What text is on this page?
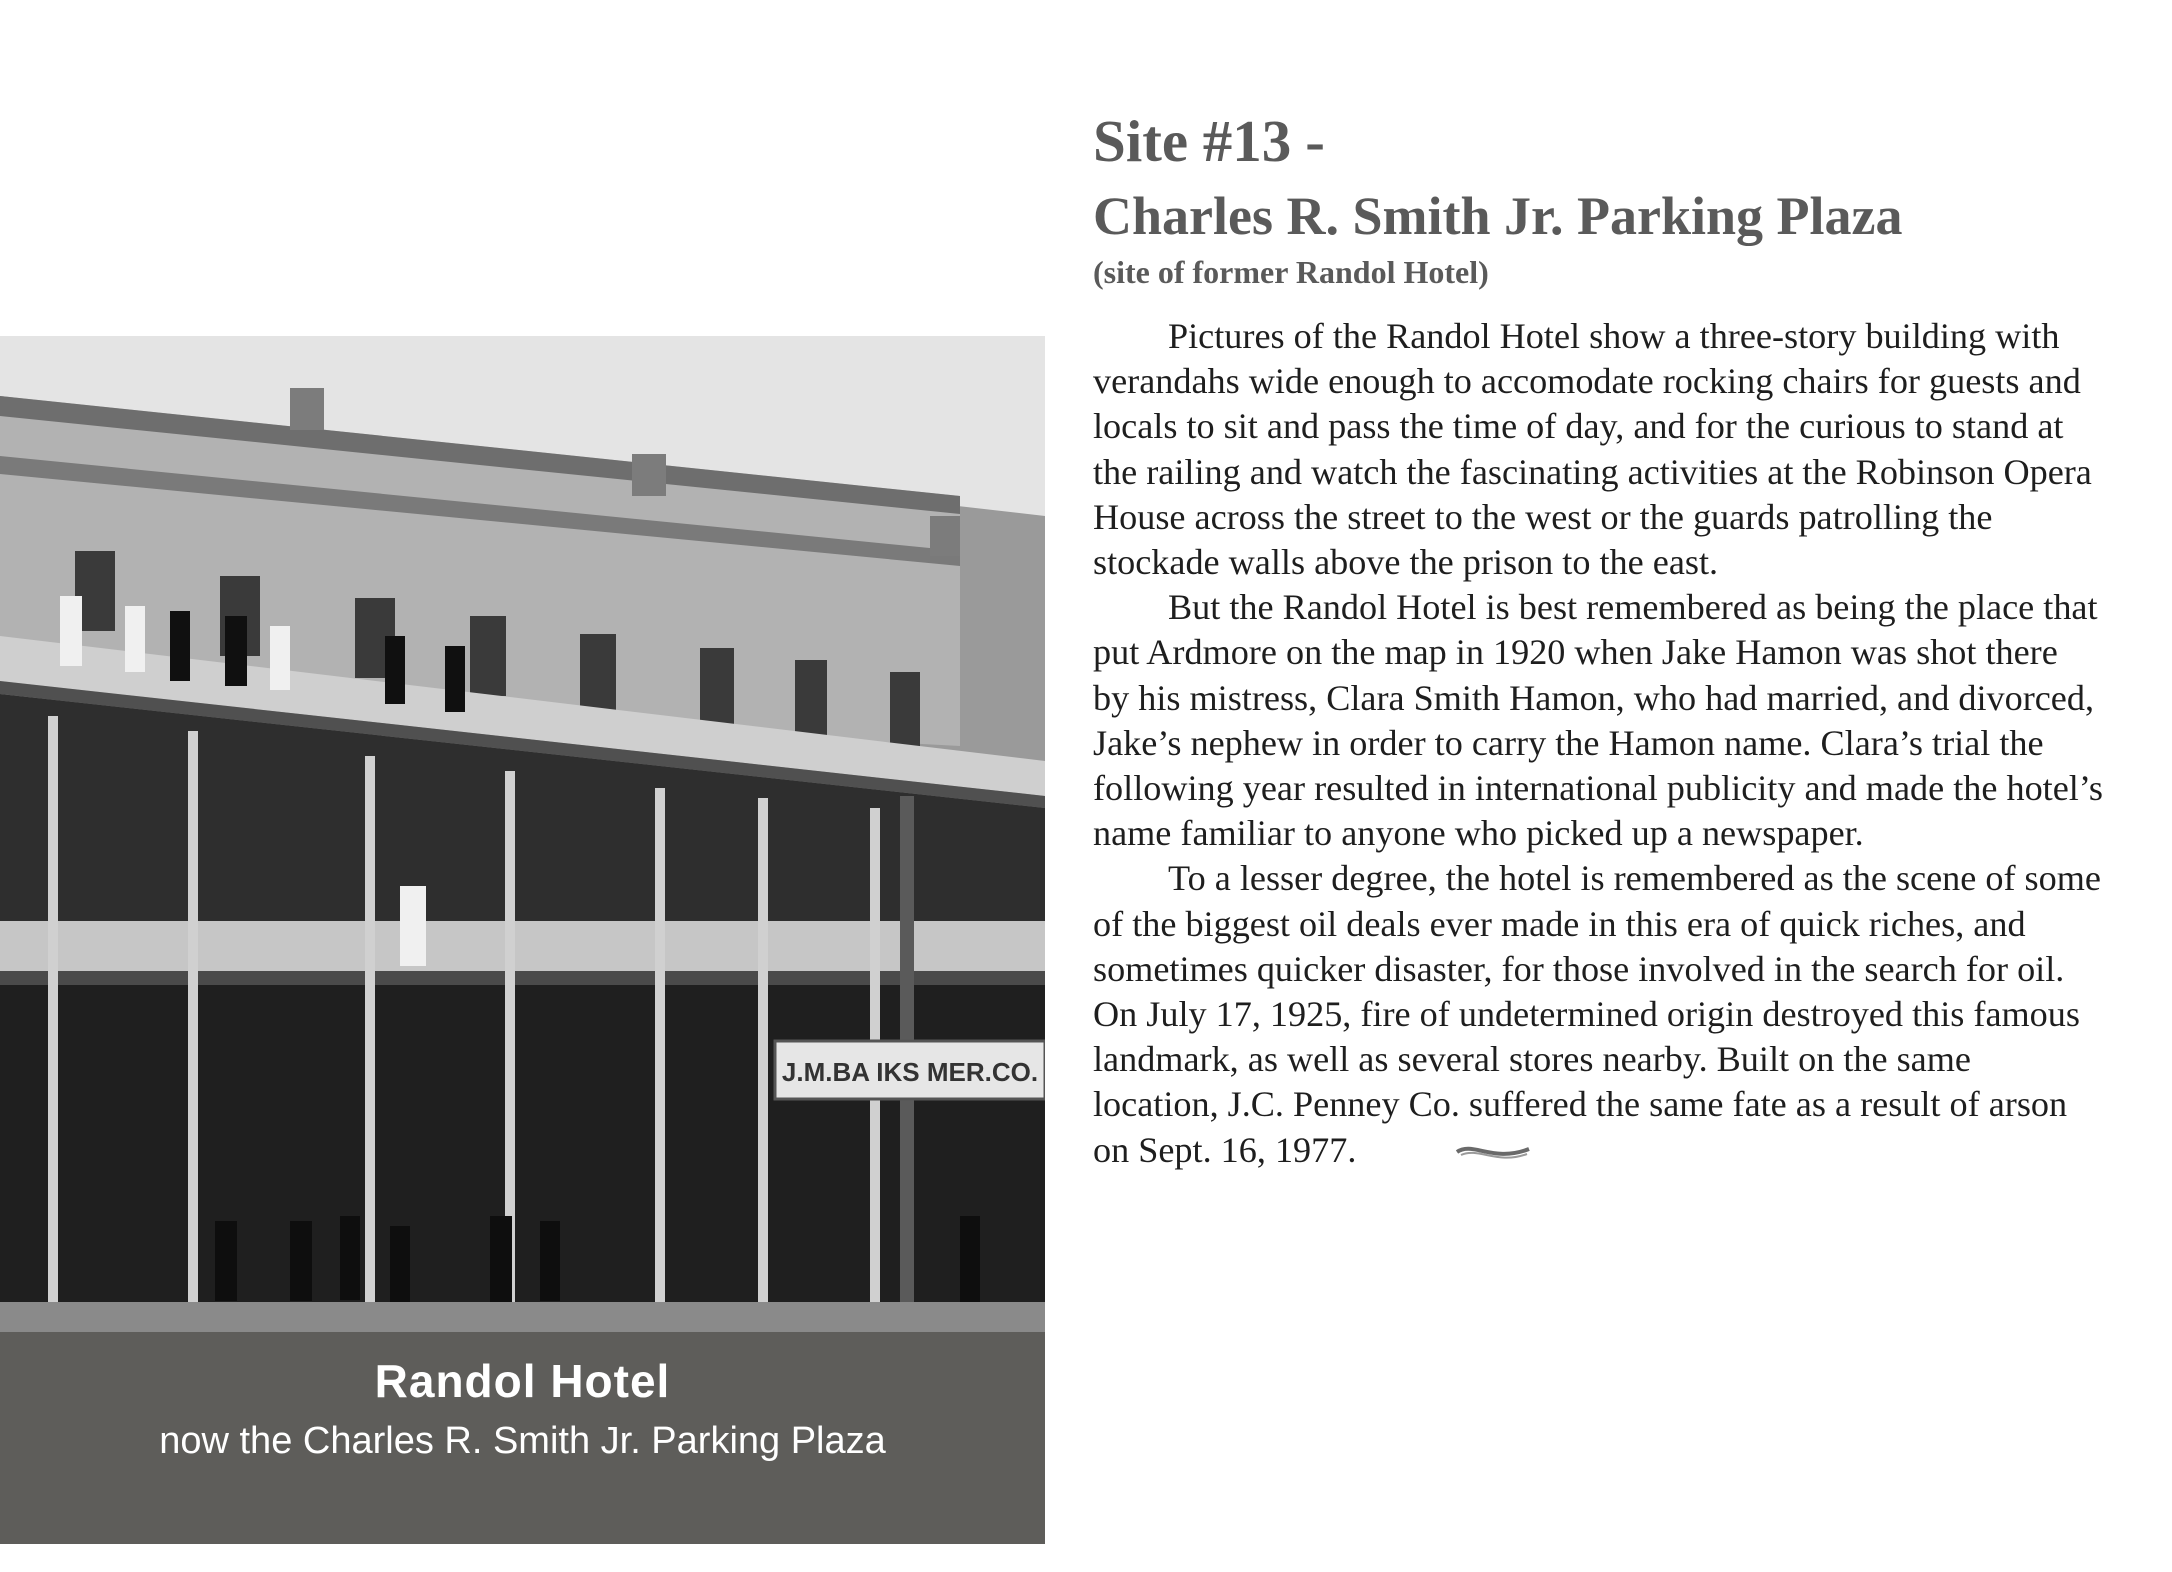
J.M.BA IKS MER.CO.
Randol Hotel
now the Charles R. Smith Jr. Parking Plaza
Site #13 -
Charles R. Smith Jr. Parking Plaza
(site of former Randol Hotel)

Pictures of the Randol Hotel show a three-story building with verandahs wide enough to accomodate rocking chairs for guests and locals to sit and pass the time of day, and for the curious to stand at the railing and watch the fascinating activities at the Robinson Opera House across the street to the west or the guards patrolling the stockade walls above the prison to the east.

But the Randol Hotel is best remembered as being the place that put Ardmore on the map in 1920 when Jake Hamon was shot there by his mistress, Clara Smith Hamon, who had married, and divorced, Jake’s nephew in order to carry the Hamon name. Clara’s trial the following year resulted in international publicity and made the hotel’s name familiar to anyone who picked up a newspaper.

To a lesser degree, the hotel is remembered as the scene of some of the biggest oil deals ever made in this era of quick riches, and sometimes quicker disaster, for those involved in the search for oil. On July 17, 1925, fire of undetermined origin destroyed this famous landmark, as well as several stores nearby. Built on the same location, J.C. Penney Co. suffered the same fate as a result of arson on Sept. 16, 1977.
